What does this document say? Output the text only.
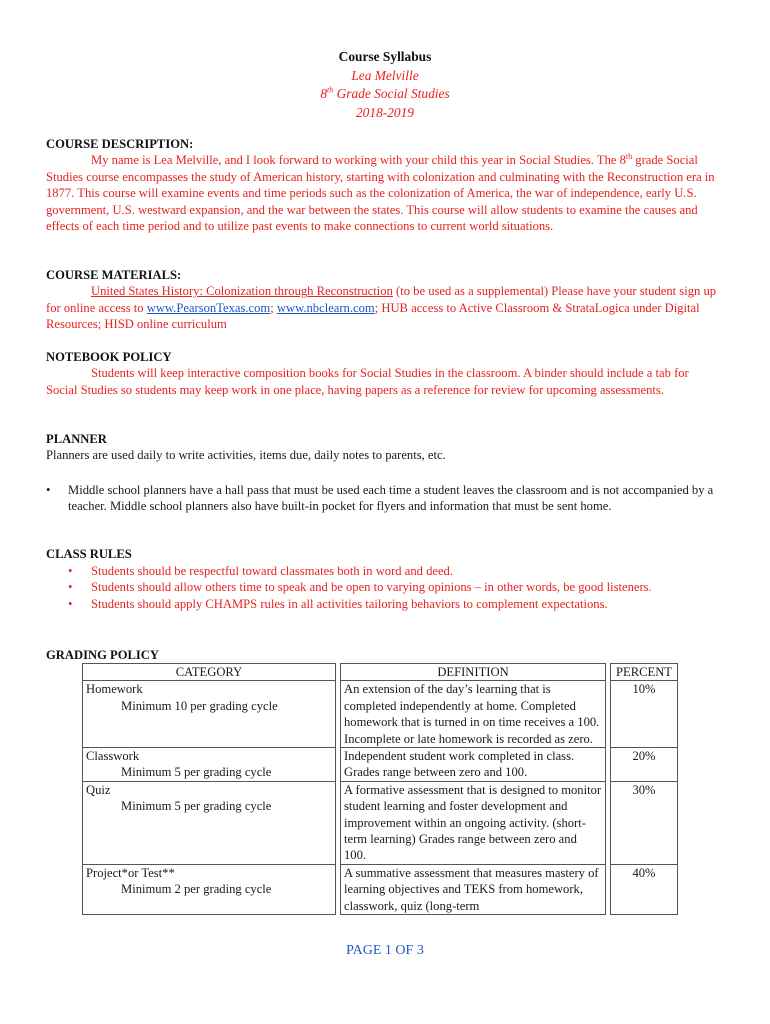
Course Syllabus
Lea Melville
8th Grade Social Studies
2018-2019
COURSE DESCRIPTION:
My name is Lea Melville, and I look forward to working with your child this year in Social Studies. The 8th grade Social Studies course encompasses the study of American history, starting with colonization and culminating with the Reconstruction era in 1877. This course will examine events and time periods such as the colonization of America, the war of independence, early U.S. government, U.S. westward expansion, and the war between the states. This course will allow students to examine the causes and effects of each time period and to utilize past events to make connections to current world situations.
COURSE MATERIALS:
United States History: Colonization through Reconstruction (to be used as a supplemental) Please have your student sign up for online access to www.PearsonTexas.com; www.nbclearn.com; HUB access to Active Classroom & StrataLogica under Digital Resources; HISD online curriculum
NOTEBOOK POLICY
Students will keep interactive composition books for Social Studies in the classroom. A binder should include a tab for Social Studies so students may keep work in one place, having papers as a reference for review for upcoming assessments.
PLANNER
Planners are used daily to write activities, items due, daily notes to parents, etc.
• Middle school planners have a hall pass that must be used each time a student leaves the classroom and is not accompanied by a teacher. Middle school planners also have built-in pocket for flyers and information that must be sent home.
CLASS RULES
• Students should be respectful toward classmates both in word and deed.
• Students should allow others time to speak and be open to varying opinions – in other words, be good listeners.
• Students should apply CHAMPS rules in all activities tailoring behaviors to complement expectations.
GRADING POLICY
CATEGORY		DEFINITION		PERCENT
Homework
Minimum 10 per grading cycle		An extension of the day’s learning that is completed independently at home. Completed homework that is turned in on time receives a 100. Incomplete or late homework is recorded as zero.		10%
Classwork
Minimum 5 per grading cycle		Independent student work completed in class. Grades range between zero and 100.		20%
Quiz
Minimum 5 per grading cycle		A formative assessment that is designed to monitor student learning and foster development and improvement within an ongoing activity. (short-term learning) Grades range between zero and 100.		30%
Project*or Test**
Minimum 2 per grading cycle		A summative assessment that measures mastery of learning objectives and TEKS from homework, classwork, quiz (long-term		40%
PAGE 1 OF 3
